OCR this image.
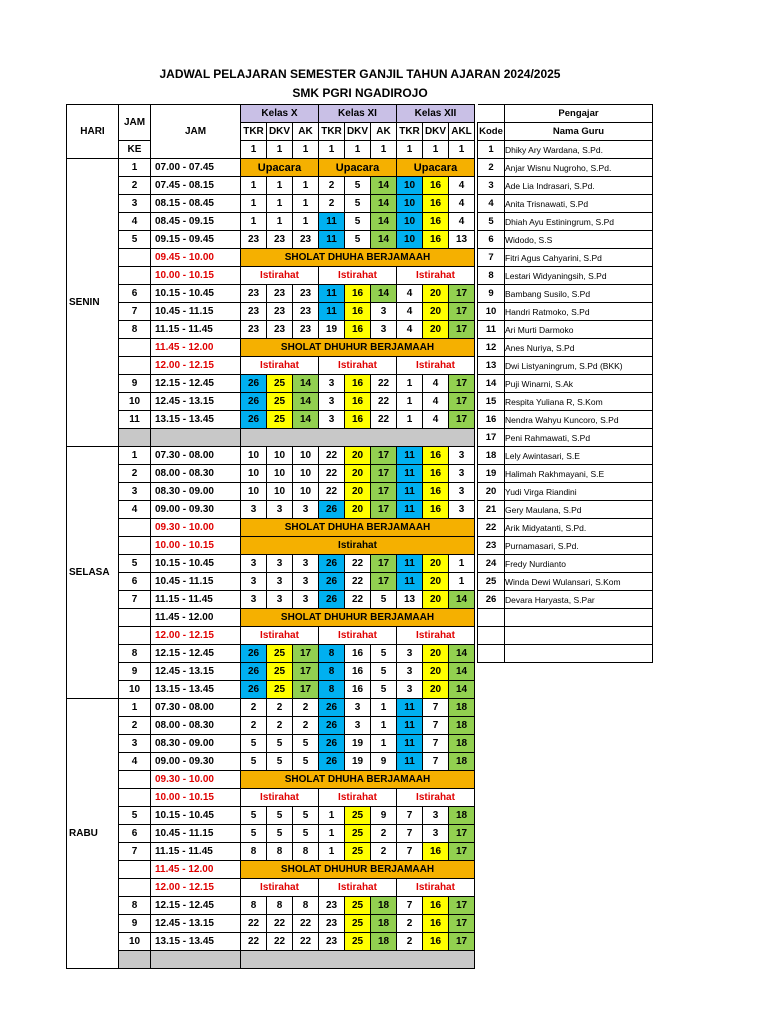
JADWAL PELAJARAN SEMESTER GANJIL TAHUN AJARAN 2024/2025
SMK PGRI NGADIROJO
HARI	JAM	JAM	Kelas X			Kelas XI			Kelas XII		
			TKR	DKV	AK	TKR	DKV	AK	TKR	DKV	AKL
	KE		1	1	1	1	1	1	1	1	1
SENIN	1	07.00 - 07.45	Upacara			Upacara			Upacara		
	2	07.45 - 08.15	1	1	1	2	5	14	10	16	4
	3	08.15 - 08.45	1	1	1	2	5	14	10	16	4
	4	08.45 - 09.15	1	1	1	11	5	14	10	16	4
	5	09.15 - 09.45	23	23	23	11	5	14	10	16	13
		09.45 - 10.00	SHOLAT DHUHA BERJAMAAH								
		10.00 - 10.15	Istirahat			Istirahat			Istirahat		
	6	10.15 - 10.45	23	23	23	11	16	14	4	20	17
	7	10.45 - 11.15	23	23	23	11	16	3	4	20	17
	8	11.15 - 11.45	23	23	23	19	16	3	4	20	17
		11.45 - 12.00	SHOLAT DHUHUR BERJAMAAH								
		12.00 - 12.15	Istirahat			Istirahat			Istirahat		
	9	12.15 - 12.45	26	25	14	3	16	22	1	4	17
	10	12.45 - 13.15	26	25	14	3	16	22	1	4	17
	11	13.15 - 13.45	26	25	14	3	16	22	1	4	17

SELASA	1	07.30 - 08.00	10	10	10	22	20	17	11	16	3
	2	08.00 - 08.30	10	10	10	22	20	17	11	16	3
	3	08.30 - 09.00	10	10	10	22	20	17	11	16	3
	4	09.00 - 09.30	3	3	3	26	20	17	11	16	3
		09.30 - 10.00	SHOLAT DHUHA BERJAMAAH								
		10.00 - 10.15	Istirahat								
	5	10.15 - 10.45	3	3	3	26	22	17	11	20	1
	6	10.45 - 11.15	3	3	3	26	22	17	11	20	1
	7	11.15 - 11.45	3	3	3	26	22	5	13	20	14
		11.45 - 12.00	SHOLAT DHUHUR BERJAMAAH								
		12.00 - 12.15	Istirahat			Istirahat			Istirahat		
	8	12.15 - 12.45	26	25	17	8	16	5	3	20	14
	9	12.45 - 13.15	26	25	17	8	16	5	3	20	14
	10	13.15 - 13.45	26	25	17	8	16	5	3	20	14
RABU	1	07.30 - 08.00	2	2	2	26	3	1	11	7	18
	2	08.00 - 08.30	2	2	2	26	3	1	11	7	18
	3	08.30 - 09.00	5	5	5	26	19	1	11	7	18
	4	09.00 - 09.30	5	5	5	26	19	9	11	7	18
		09.30 - 10.00	SHOLAT DHUHA BERJAMAAH								
		10.00 - 10.15	Istirahat			Istirahat			Istirahat		
	5	10.15 - 10.45	5	5	5	1	25	9	7	3	18
	6	10.45 - 11.15	5	5	5	1	25	2	7	3	17
	7	11.15 - 11.45	8	8	8	1	25	2	7	16	17
		11.45 - 12.00	SHOLAT DHUHUR BERJAMAAH								
		12.00 - 12.15	Istirahat			Istirahat			Istirahat		
	8	12.15 - 12.45	8	8	8	23	25	18	7	16	17
	9	12.45 - 13.15	22	22	22	23	25	18	2	16	17
	10	13.15 - 13.45	22	22	22	23	25	18	2	16	17

	Pengajar
Kode	Nama Guru

1	Dhiky Ary Wardana, S.Pd.
2	Anjar Wisnu Nugroho, S.Pd.
3	Ade Lia Indrasari, S.Pd.
4	Anita Trisnawati, S.Pd
5	Dhiah Ayu Estiningrum, S.Pd
6	Widodo, S.S
7	Fitri Agus Cahyarini, S.Pd
8	Lestari Widyaningsih, S.Pd
9	Bambang Susilo, S.Pd
10	Handri Ratmoko, S.Pd
11	Ari Murti Darmoko
12	Anes Nuriya, S.Pd
13	Dwi Listyaningrum, S.Pd (BKK)
14	Puji Winarni, S.Ak
15	Respita Yuliana R, S.Kom
16	Nendra Wahyu Kuncoro, S.Pd
17	Peni Rahmawati, S.Pd
18	Lely Awintasari, S.E
19	Halimah Rakhmayani, S.E
20	Yudi Virga Riandini
21	Gery Maulana, S.Pd
22	Arik Midyatanti, S.Pd.
23	Purnamasari, S.Pd.
24	Fredy Nurdianto
25	Winda Dewi Wulansari, S.Kom
26	Devara Haryasta, S.Par
